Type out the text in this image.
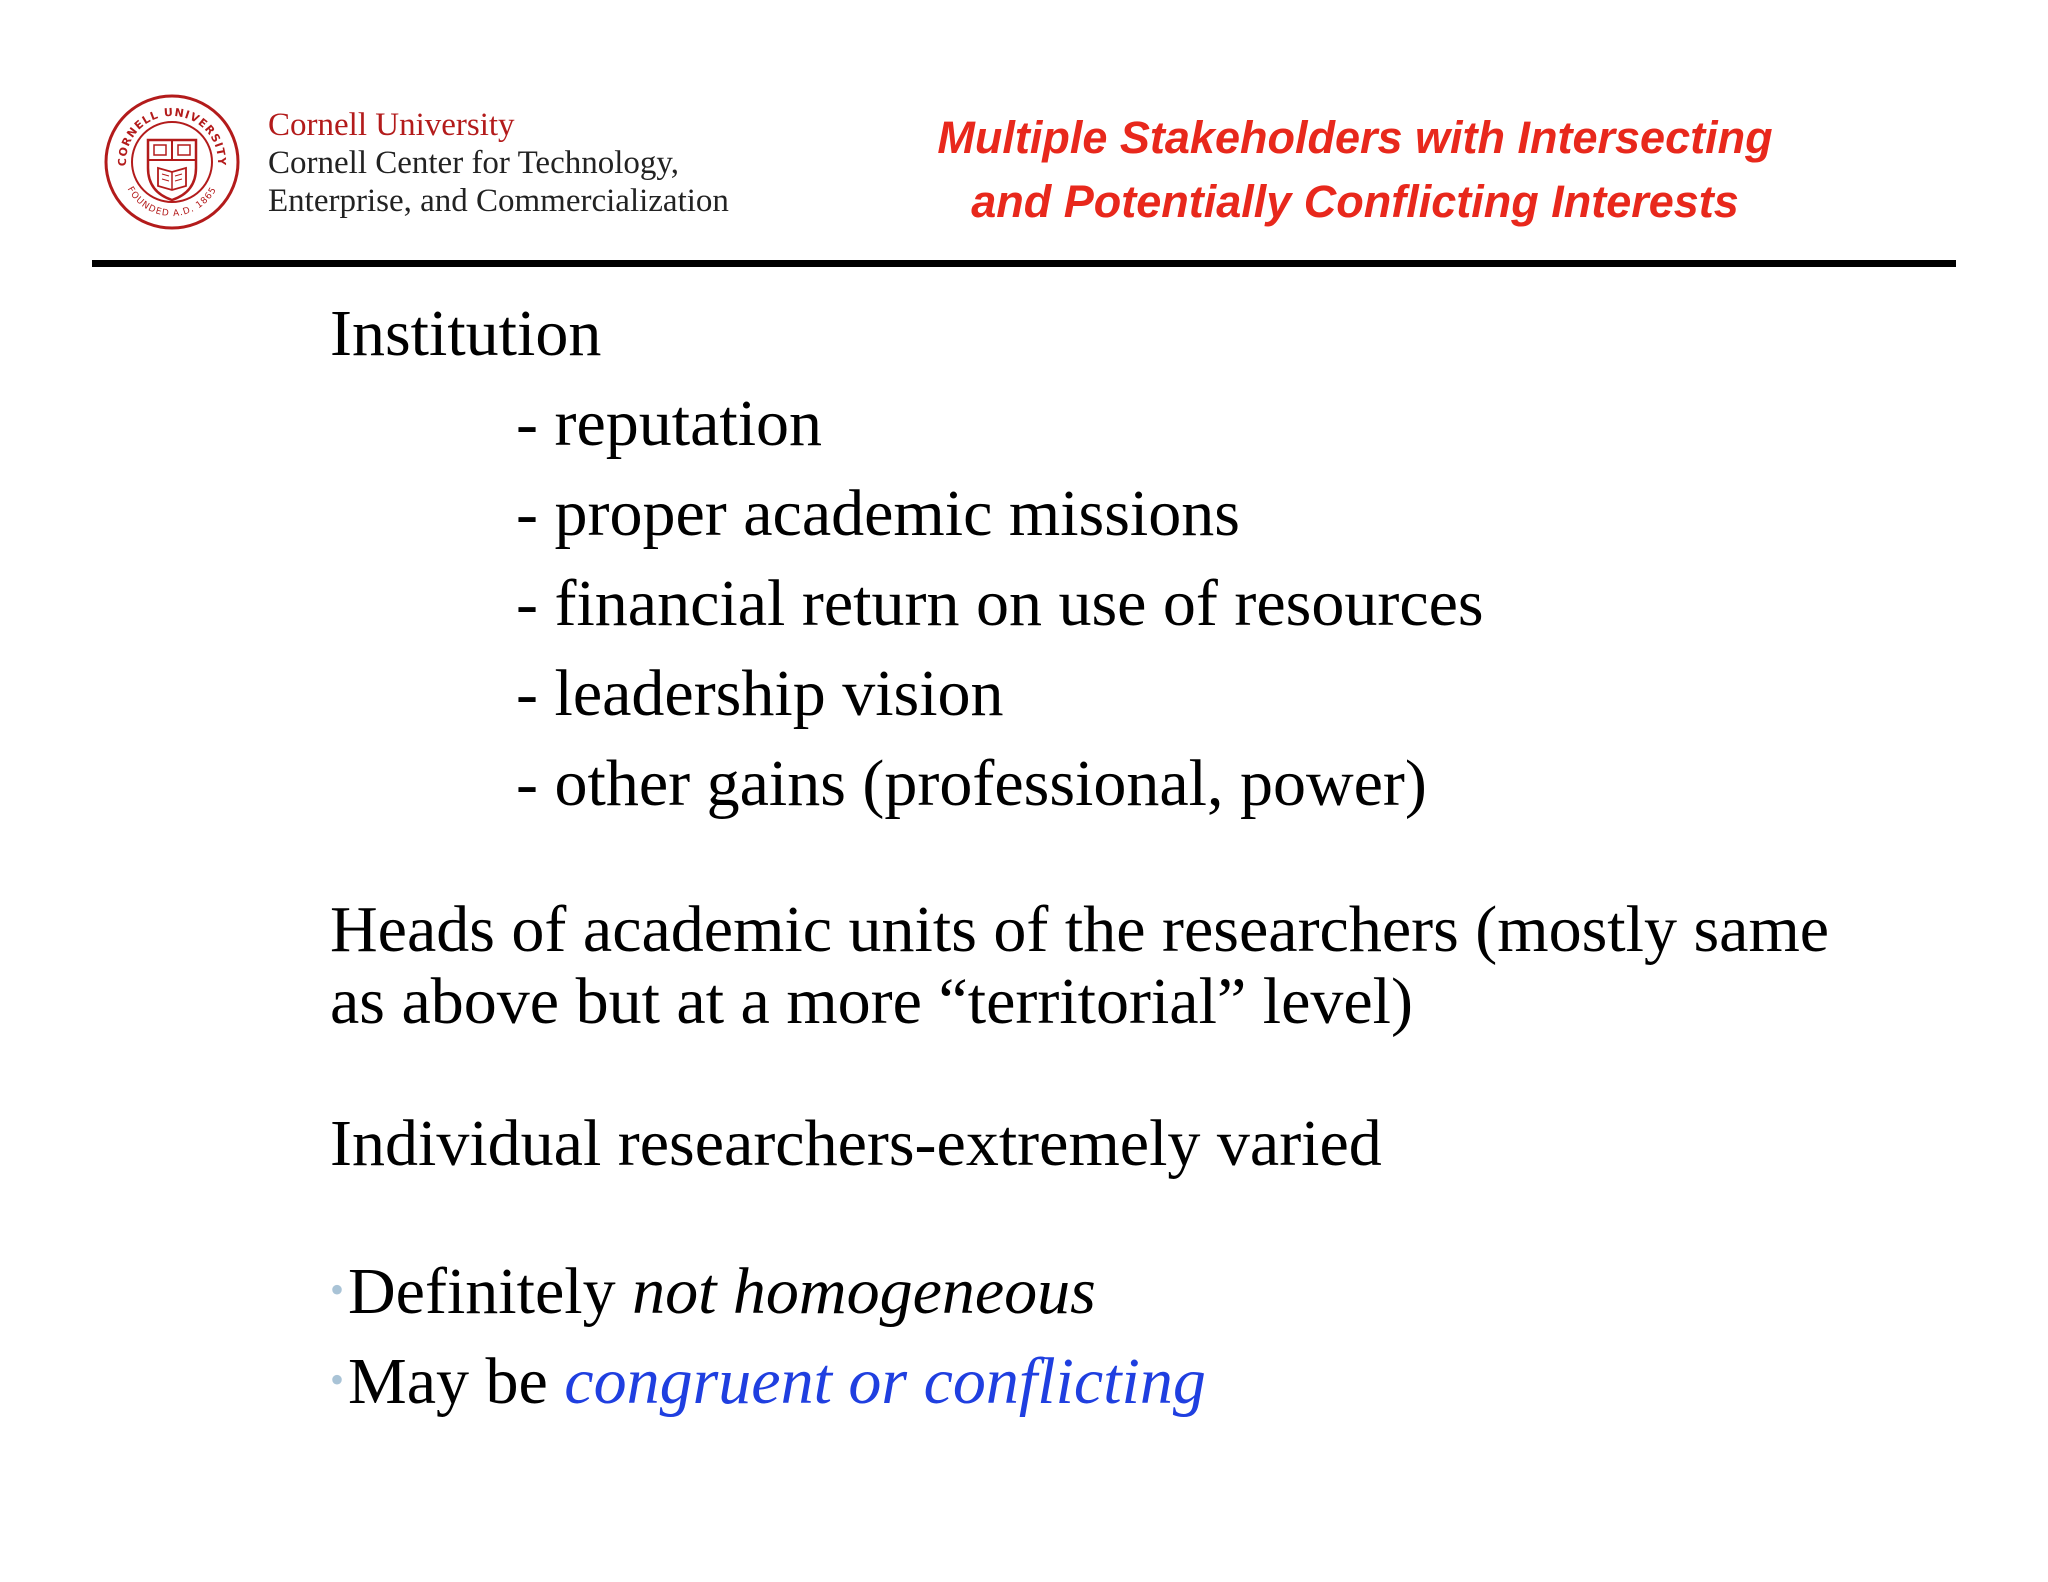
CORNELL UNIVERSITY
FOUNDED A.D. 1865
Cornell University
Cornell Center for Technology,
Enterprise, and Commercialization
Multiple Stakeholders with Intersecting
and Potentially Conflicting Interests
Institution
- reputation
- proper academic missions
- financial return on use of resources
- leadership vision
- other gains (professional, power)
Heads of academic units of the researchers (mostly same as above but at a more “territorial” level)
Individual researchers-extremely varied
•Definitely not homogeneous
•May be congruent or conflicting
